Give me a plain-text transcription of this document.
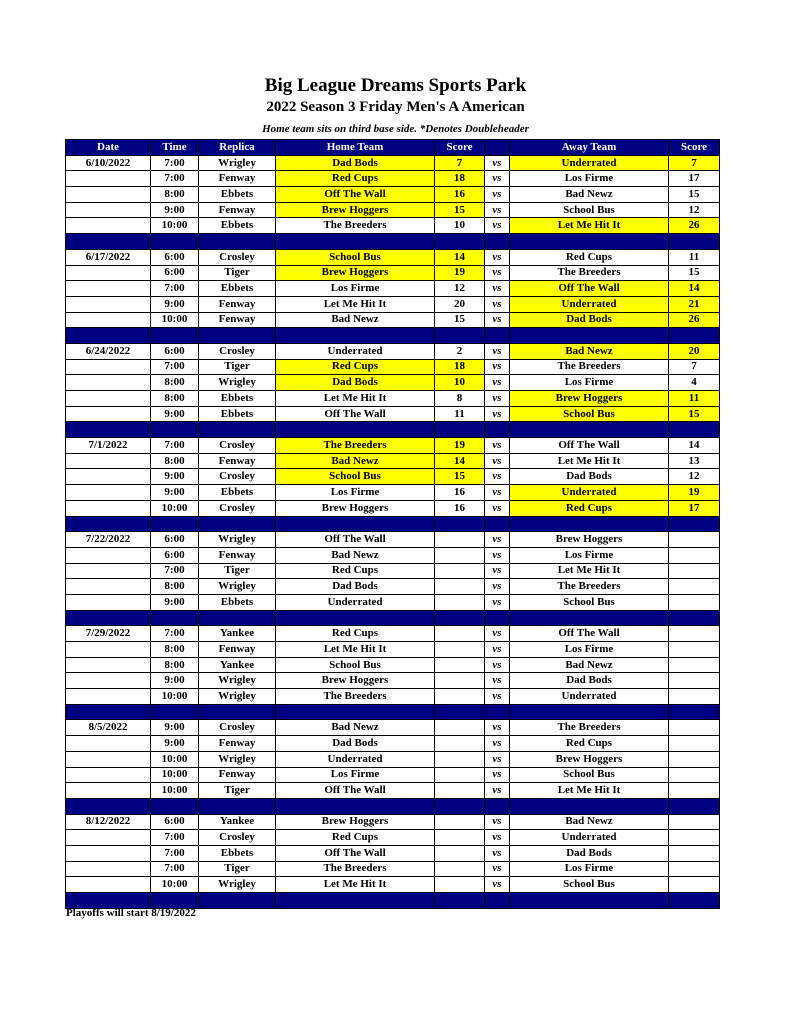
Big League Dreams Sports Park
2022 Season 3 Friday Men's A American
Home team sits on third base side. *Denotes Doubleheader
Date	Time	Replica	Home Team	Score		Away Team	Score
6/10/2022	7:00	Wrigley	Dad Bods	7	vs	Underrated	7
	7:00	Fenway	Red Cups	18	vs	Los Firme	17
	8:00	Ebbets	Off The Wall	16	vs	Bad Newz	15
	9:00	Fenway	Brew Hoggers	15	vs	School Bus	12
	10:00	Ebbets	The Breeders	10	vs	Let Me Hit It	26

6/17/2022	6:00	Crosley	School Bus	14	vs	Red Cups	11
	6:00	Tiger	Brew Hoggers	19	vs	The Breeders	15
	7:00	Ebbets	Los Firme	12	vs	Off The Wall	14
	9:00	Fenway	Let Me Hit It	20	vs	Underrated	21
	10:00	Fenway	Bad Newz	15	vs	Dad Bods	26

6/24/2022	6:00	Crosley	Underrated	2	vs	Bad Newz	20
	7:00	Tiger	Red Cups	18	vs	The Breeders	7
	8:00	Wrigley	Dad Bods	10	vs	Los Firme	4
	8:00	Ebbets	Let Me Hit It	8	vs	Brew Hoggers	11
	9:00	Ebbets	Off The Wall	11	vs	School Bus	15

7/1/2022	7:00	Crosley	The Breeders	19	vs	Off The Wall	14
	8:00	Fenway	Bad Newz	14	vs	Let Me Hit It	13
	9:00	Crosley	School Bus	15	vs	Dad Bods	12
	9:00	Ebbets	Los Firme	16	vs	Underrated	19
	10:00	Crosley	Brew Hoggers	16	vs	Red Cups	17

7/22/2022	6:00	Wrigley	Off The Wall		vs	Brew Hoggers	
	6:00	Fenway	Bad Newz		vs	Los Firme	
	7:00	Tiger	Red Cups		vs	Let Me Hit It	
	8:00	Wrigley	Dad Bods		vs	The Breeders	
	9:00	Ebbets	Underrated		vs	School Bus	

7/29/2022	7:00	Yankee	Red Cups		vs	Off The Wall	
	8:00	Fenway	Let Me Hit It		vs	Los Firme	
	8:00	Yankee	School Bus		vs	Bad Newz	
	9:00	Wrigley	Brew Hoggers		vs	Dad Bods	
	10:00	Wrigley	The Breeders		vs	Underrated	

8/5/2022	9:00	Crosley	Bad Newz		vs	The Breeders	
	9:00	Fenway	Dad Bods		vs	Red Cups	
	10:00	Wrigley	Underrated		vs	Brew Hoggers	
	10:00	Fenway	Los Firme		vs	School Bus	
	10:00	Tiger	Off The Wall		vs	Let Me Hit It	

8/12/2022	6:00	Yankee	Brew Hoggers		vs	Bad Newz	
	7:00	Crosley	Red Cups		vs	Underrated	
	7:00	Ebbets	Off The Wall		vs	Dad Bods	
	7:00	Tiger	The Breeders		vs	Los Firme	
	10:00	Wrigley	Let Me Hit It		vs	School Bus	

Playoffs will start 8/19/2022
